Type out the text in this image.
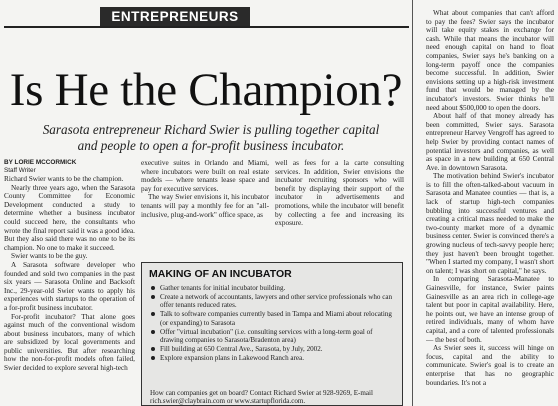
ENTREPRENEURS
Is He the Champion?
Sarasota entrepreneur Richard Swier is pulling together capital and people to open a for-profit business incubator.
BY LORIE MCCORMICK
Staff Writer

Richard Swier wants to be the champion.

Nearly three years ago, when the Sarasota County Committee for Economic Development conducted a study to determine whether a business incubator could succeed here, the consultants who wrote the final report said it was a good idea. But they also said there was no one to be its champion. No one to make it succeed.

Swier wants to be the guy.

A Sarasota software developer who founded and sold two companies in the past six years — Sarasota Online and Backsoft Inc., 29-year-old Swier wants to apply his experiences with startups to the operation of a for-profit business incubator.

For-profit incubator? That alone goes against much of the conventional wisdom about business incubators, many of which are subsidized by local governments and public universities. But after researching how the non-for-profit models often failed, Swier decided to explore several high-tech

executive suites in Orlando and Miami, where incubators were built on real estate models — where tenants lease space and pay for executive services.

The way Swier envisions it, his incubator tenants will pay a monthly fee for an "all-inclusive, plug-and-work" office space, as

well as fees for a la carte consulting services. In addition, Swier envisions the incubator recruiting sponsors who will benefit by displaying their support of the incubator in advertisements and promotions, while the incubator will benefit by collecting a fee and increasing its exposure.

What about companies that can't afford to pay the fees? Swier says the incubator will take equity stakes in exchange for cash. While that means the incubator will need enough capital on hand to float companies, Swier says he's banking on a long-term payoff once the companies become successful. In addition, Swier envisions setting up a high-risk investment fund that would be managed by the incubator's investors. Swier thinks he'll need about $500,000 to open the doors.

About half of that money already has been committed, Swier says. Sarasota entrepreneur Harvey Vengroff has agreed to help Swier by providing contact names of potential investors and companies, as well as space in a new building at 650 Central Ave. in downtown Sarasota.

The motivation behind Swier's incubator is to fill the often-talked-about vacuum in Sarasota and Manatee counties — that is, a lack of startup high-tech companies bubbling into successful ventures and creating a critical mass needed to make the two-county market more of a dynamic business center. Swier is convinced there's a growing nucleus of tech-savvy people here; they just haven't been brought together. "When I started my company, I wasn't short on talent; I was short on capital," he says.

In comparing Sarasota-Manatee to Gainesville, for instance, Swier paints Gainesville as an area rich in college-age talent but poor in capital availability. Here, he points out, we have an intense group of retired individuals, many of whom have capital, and a core of talented professionals — the best of both.

As Swier sees it, success will hinge on focus, capital and the ability to communicate. Swier's goal is to create an enterprise that has no geographic boundaries. It's not a

MAKING OF AN INCUBATOR
Gather tenants for initial incubator building.
Create a network of accountants, lawyers and other service professionals who can offer tenants reduced rates.
Talk to software companies currently based in Tampa and Miami about relocating (or expanding) to Sarasota
Offer "virtual incubation" (i.e. consulting services with a long-term goal of drawing companies to Sarasota/Bradenton area)
Fill building at 650 Central Ave., Sarasota, by July, 2002.
Explore expansion plans in Lakewood Ranch area.
How can companies get on board? Contact Richard Swier at 928-9269, E-mail rich.swier@claybrain.com or www.startupflorida.com.
